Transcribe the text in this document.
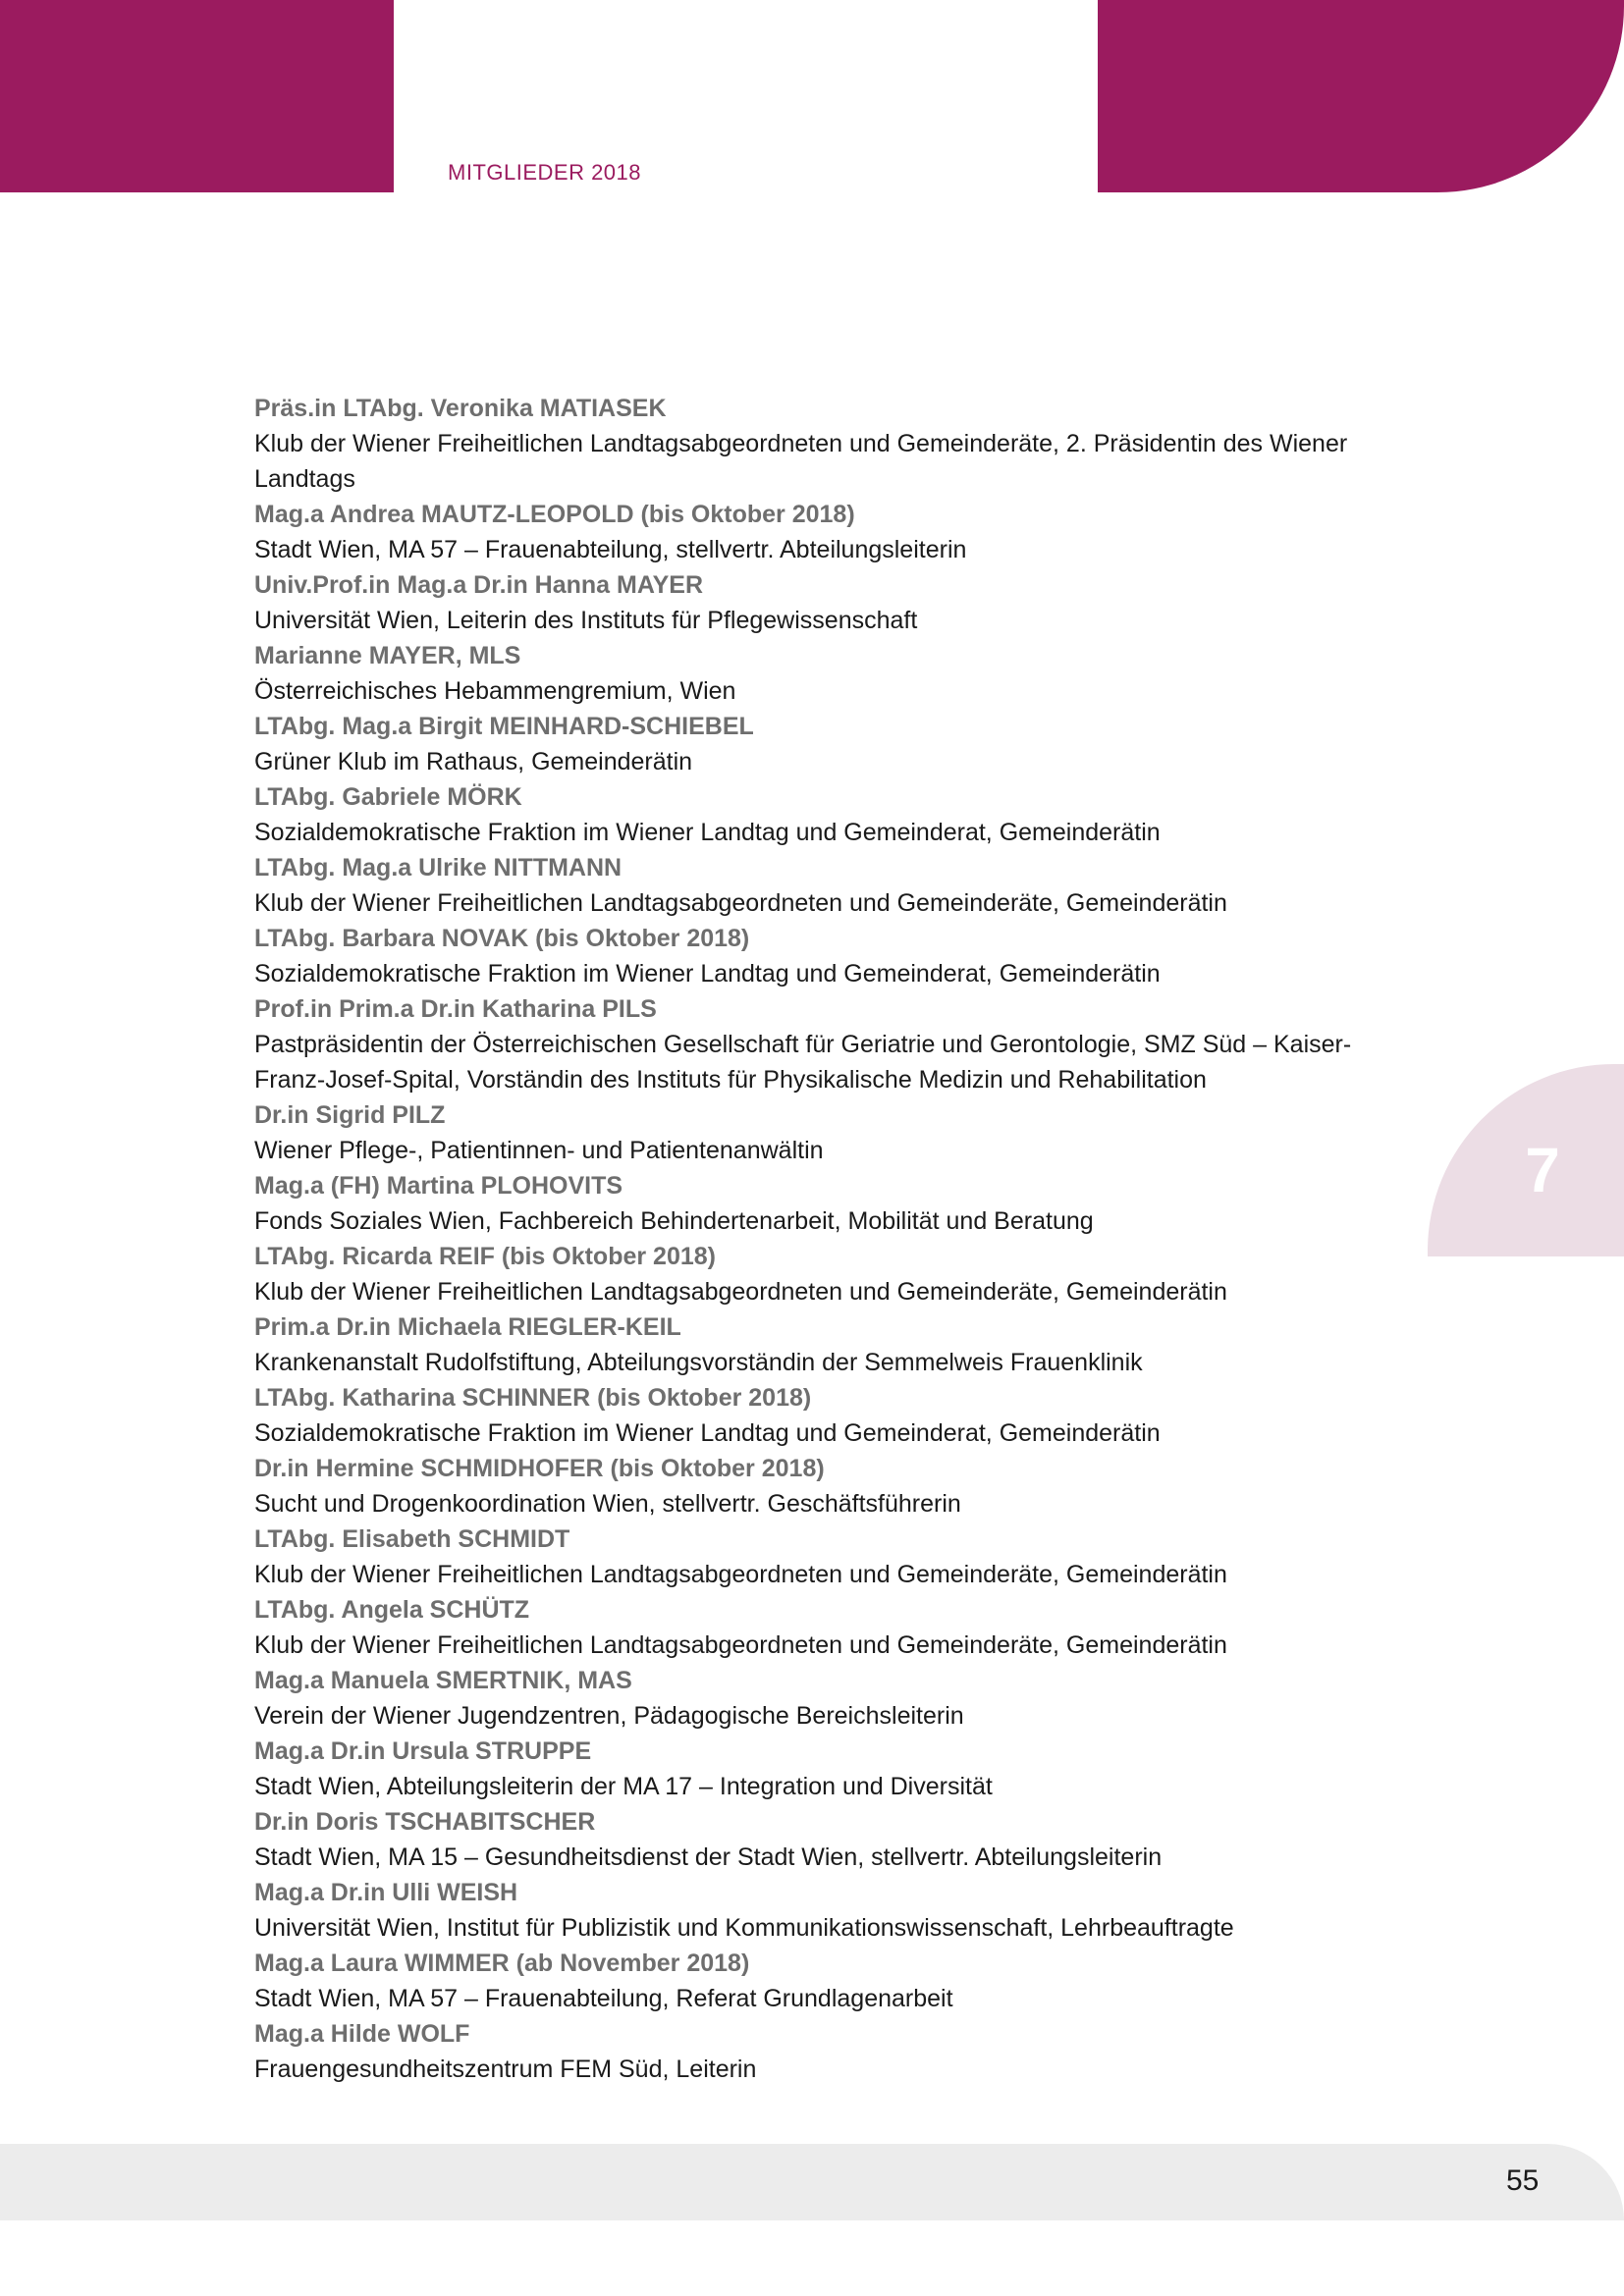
MITGLIEDER 2018
7
Präs.in LTAbg. Veronika MATIASEK
Klub der Wiener Freiheitlichen Landtagsabgeordneten und Gemeinderäte, 2. Präsidentin des Wiener Landtags
Mag.a Andrea MAUTZ-LEOPOLD (bis Oktober 2018)
Stadt Wien, MA 57 – Frauenabteilung, stellvertr. Abteilungsleiterin
Univ.Prof.in Mag.a Dr.in Hanna MAYER
Universität Wien, Leiterin des Instituts für Pflegewissenschaft
Marianne MAYER, MLS
Österreichisches Hebammengremium, Wien
LTAbg. Mag.a Birgit MEINHARD-SCHIEBEL
Grüner Klub im Rathaus, Gemeinderätin
LTAbg. Gabriele MÖRK
Sozialdemokratische Fraktion im Wiener Landtag und Gemeinderat, Gemeinderätin
LTAbg. Mag.a Ulrike NITTMANN
Klub der Wiener Freiheitlichen Landtagsabgeordneten und Gemeinderäte, Gemeinderätin
LTAbg. Barbara NOVAK (bis Oktober 2018)
Sozialdemokratische Fraktion im Wiener Landtag und Gemeinderat, Gemeinderätin
Prof.in Prim.a Dr.in Katharina PILS
Pastpräsidentin der Österreichischen Gesellschaft für Geriatrie und Gerontologie, SMZ Süd – Kaiser-Franz-Josef-Spital, Vorständin des Instituts für Physikalische Medizin und Rehabilitation
Dr.in Sigrid PILZ
Wiener Pflege-, Patientinnen- und Patientenanwältin
Mag.a (FH) Martina PLOHOVITS
Fonds Soziales Wien, Fachbereich Behindertenarbeit, Mobilität und Beratung
LTAbg. Ricarda REIF (bis Oktober 2018)
Klub der Wiener Freiheitlichen Landtagsabgeordneten und Gemeinderäte, Gemeinderätin
Prim.a Dr.in Michaela RIEGLER-KEIL
Krankenanstalt Rudolfstiftung, Abteilungsvorständin der Semmelweis Frauenklinik
LTAbg. Katharina SCHINNER (bis Oktober 2018)
Sozialdemokratische Fraktion im Wiener Landtag und Gemeinderat, Gemeinderätin
Dr.in Hermine SCHMIDHOFER (bis Oktober 2018)
Sucht und Drogenkoordination Wien, stellvertr. Geschäftsführerin
LTAbg. Elisabeth SCHMIDT
Klub der Wiener Freiheitlichen Landtagsabgeordneten und Gemeinderäte, Gemeinderätin
LTAbg. Angela SCHÜTZ
Klub der Wiener Freiheitlichen Landtagsabgeordneten und Gemeinderäte, Gemeinderätin
Mag.a Manuela SMERTNIK, MAS
Verein der Wiener Jugendzentren, Pädagogische Bereichsleiterin
Mag.a Dr.in Ursula STRUPPE
Stadt Wien, Abteilungsleiterin der MA 17 – Integration und Diversität
Dr.in Doris TSCHABITSCHER
Stadt Wien, MA 15 – Gesundheitsdienst der Stadt Wien, stellvertr. Abteilungsleiterin
Mag.a Dr.in Ulli WEISH
Universität Wien, Institut für Publizistik und Kommunikationswissenschaft, Lehrbeauftragte
Mag.a Laura WIMMER (ab November 2018)
Stadt Wien, MA 57 – Frauenabteilung, Referat Grundlagenarbeit
Mag.a Hilde WOLF
Frauengesundheitszentrum FEM Süd, Leiterin
55
